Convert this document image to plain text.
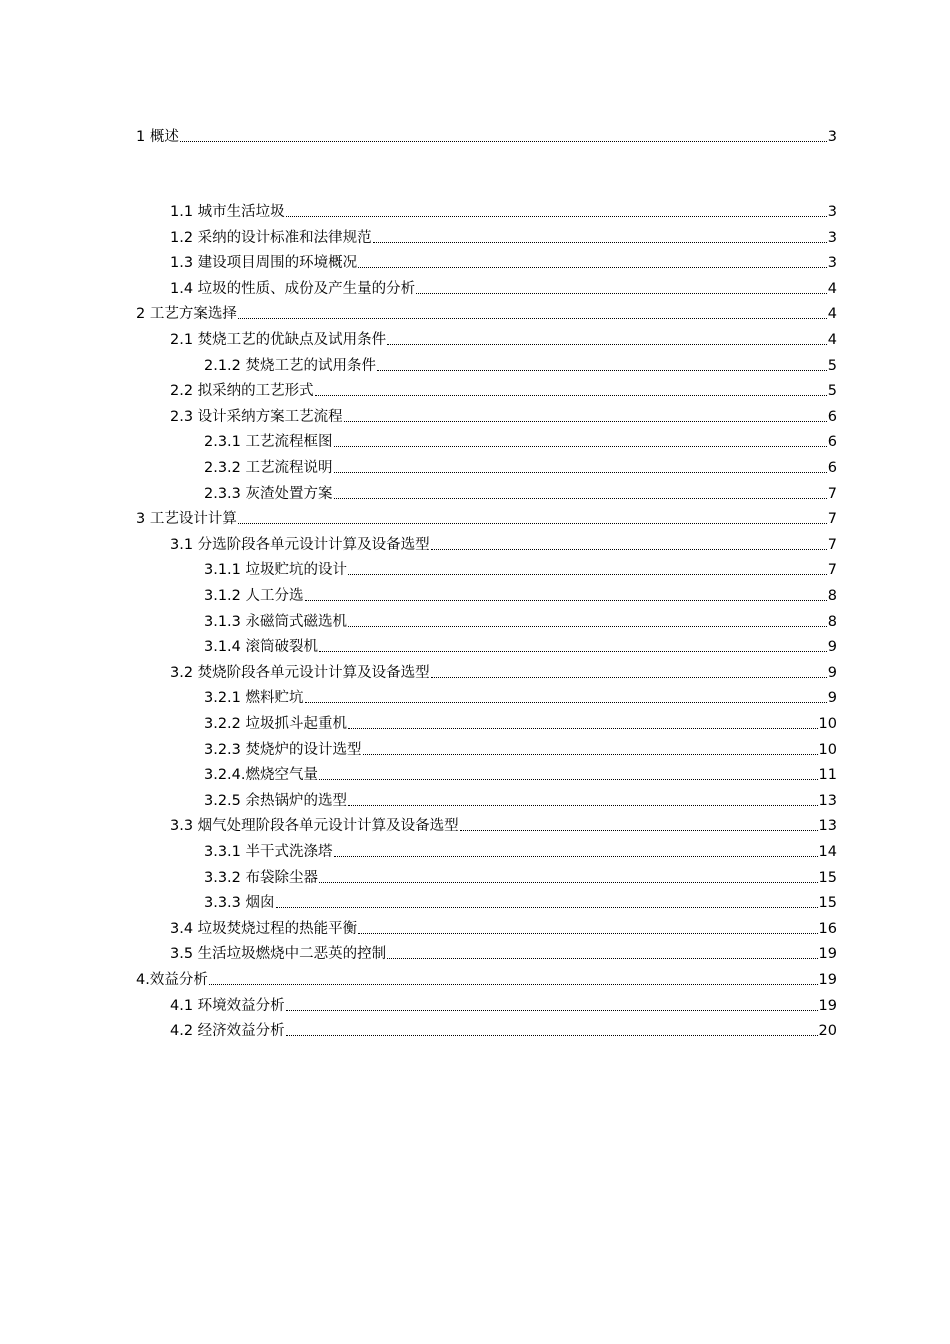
1 概述	3
1.1 城市生活垃圾	3
1.2 采纳的设计标准和法律规范	3
1.3 建设项目周围的环境概况	3
1.4 垃圾的性质、成份及产生量的分析	4
2 工艺方案选择	4
2.1 焚烧工艺的优缺点及试用条件	4
2.1.2 焚烧工艺的试用条件	5
2.2 拟采纳的工艺形式	5
2.3 设计采纳方案工艺流程	6
2.3.1 工艺流程框图	6
2.3.2 工艺流程说明	6
2.3.3 灰渣处置方案	7
3 工艺设计计算	7
3.1 分选阶段各单元设计计算及设备选型	7
3.1.1 垃圾贮坑的设计	7
3.1.2 人工分选	8
3.1.3 永磁筒式磁选机	8
3.1.4 滚筒破裂机	9
3.2 焚烧阶段各单元设计计算及设备选型	9
3.2.1 燃料贮坑	9
3.2.2 垃圾抓斗起重机	10
3.2.3 焚烧炉的设计选型	10
3.2.4.燃烧空气量	11
3.2.5 余热锅炉的选型	13
3.3 烟气处理阶段各单元设计计算及设备选型	13
3.3.1 半干式洗涤塔	14
3.3.2 布袋除尘器	15
3.3.3 烟囱	15
3.4 垃圾焚烧过程的热能平衡	16
3.5 生活垃圾燃烧中二恶英的控制	19
4.效益分析	19
4.1 环境效益分析	19
4.2 经济效益分析	20
